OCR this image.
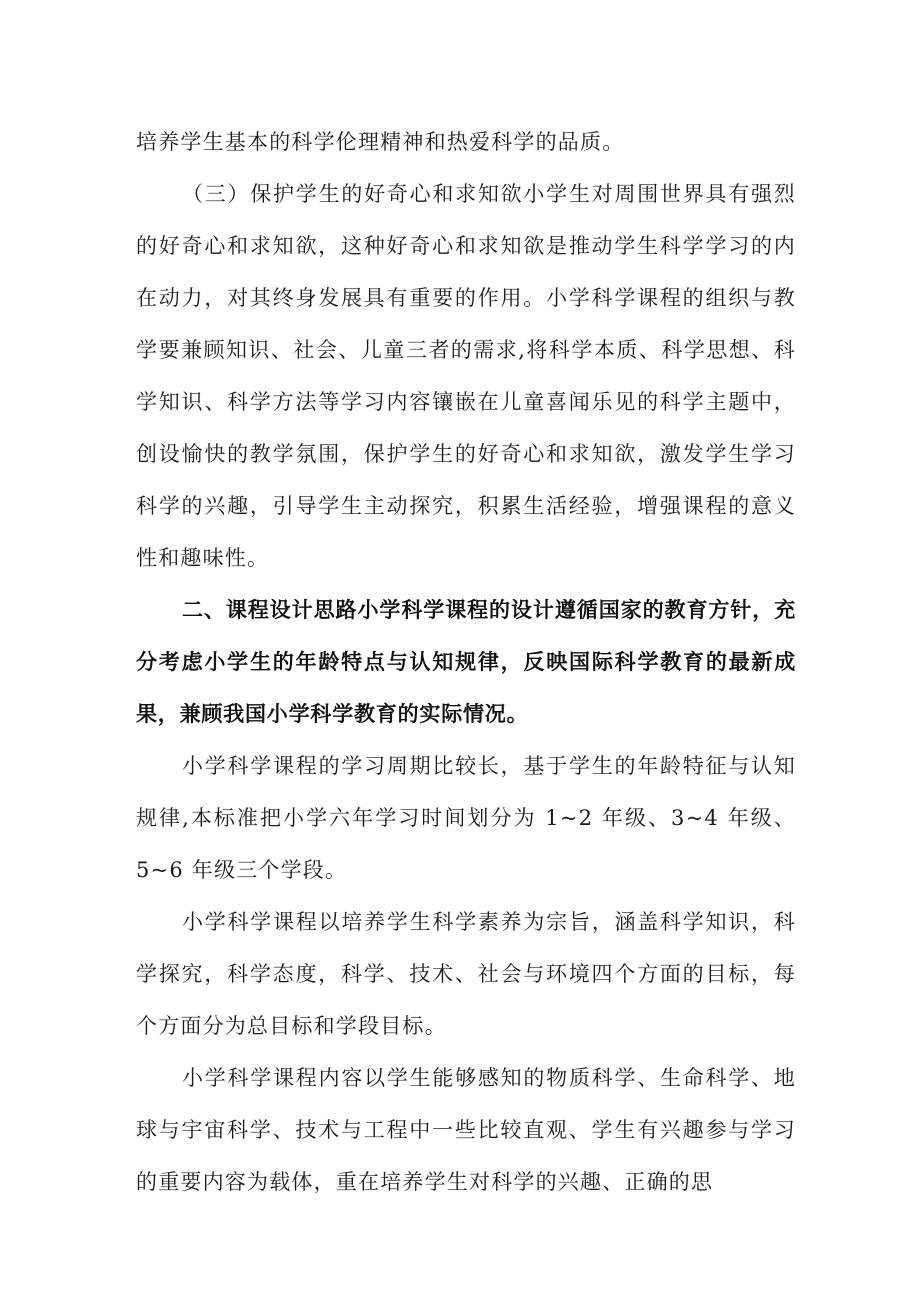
培养学生基本的科学伦理精神和热爱科学的品质。

（三）保护学生的好奇心和求知欲小学生对周围世界具有强烈的好奇心和求知欲，这种好奇心和求知欲是推动学生科学学习的内在动力，对其终身发展具有重要的作用。小学科学课程的组织与教学要兼顾知识、社会、儿童三者的需求,将科学本质、科学思想、科学知识、科学方法等学习内容镶嵌在儿童喜闻乐见的科学主题中，创设愉快的教学氛围，保护学生的好奇心和求知欲，激发学生学习科学的兴趣，引导学生主动探究，积累生活经验，增强课程的意义性和趣味性。

二、课程设计思路小学科学课程的设计遵循国家的教育方针，充分考虑小学生的年龄特点与认知规律，反映国际科学教育的最新成果，兼顾我国小学科学教育的实际情况。

小学科学课程的学习周期比较长，基于学生的年龄特征与认知规律,本标准把小学六年学习时间划分为 1~2 年级、3~4 年级、5~6 年级三个学段。

小学科学课程以培养学生科学素养为宗旨，涵盖科学知识，科学探究，科学态度，科学、技术、社会与环境四个方面的目标，每个方面分为总目标和学段目标。

小学科学课程内容以学生能够感知的物质科学、生命科学、地球与宇宙科学、技术与工程中一些比较直观、学生有兴趣参与学习的重要内容为载体，重在培养学生对科学的兴趣、正确的思
